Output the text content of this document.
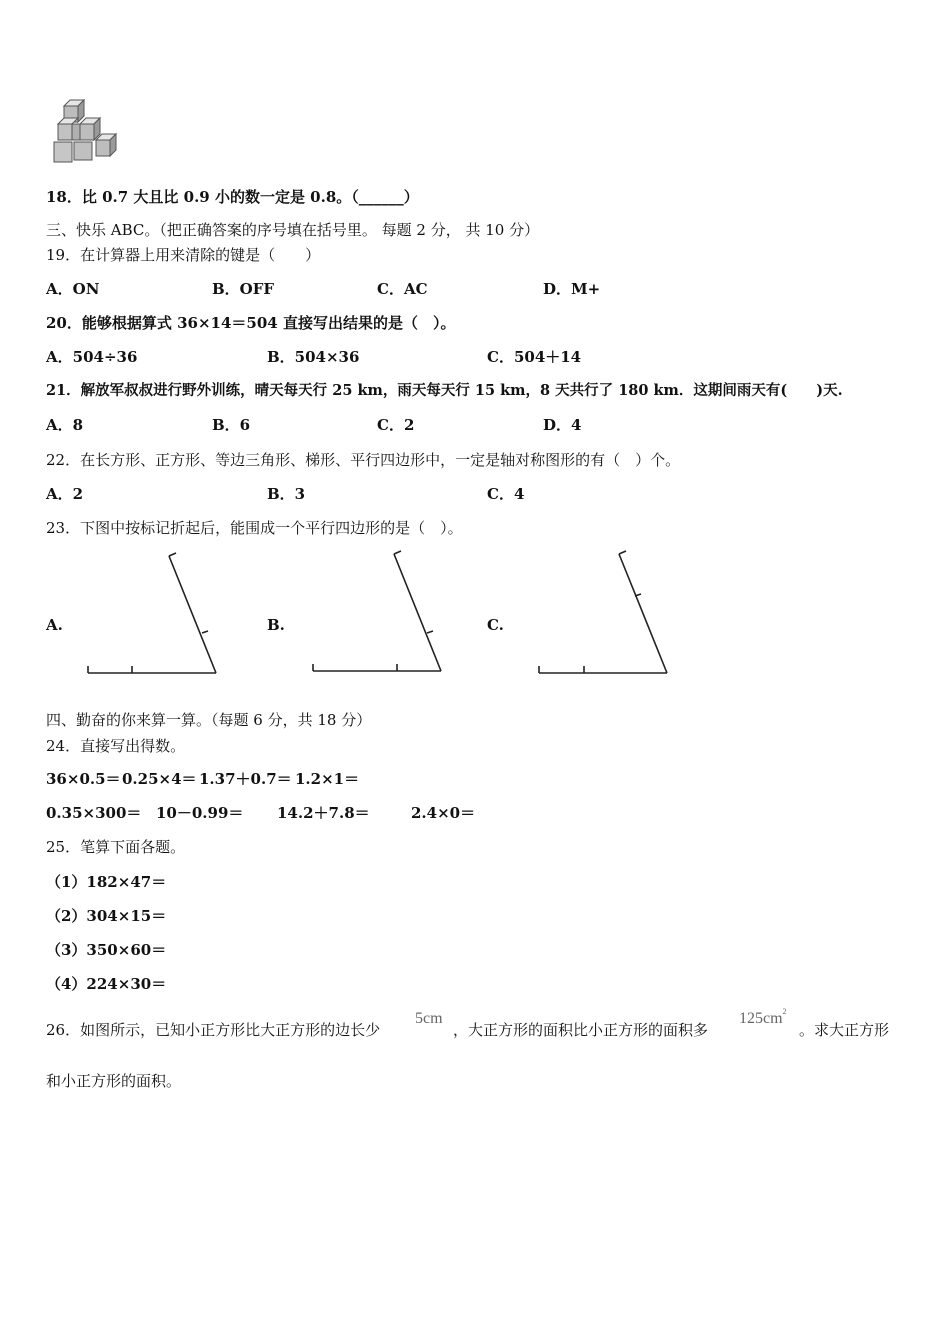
18．比 0.7 大且比 0.9 小的数一定是 0.8。（______）
三、快乐 ABC。（把正确答案的序号填在括号里。 每题 2 分， 共 10 分）
19．在计算器上用来清除的键是（　　）
A．ON	B．OFF	C．AC	D．M+
20．能够根据算式 36×14＝504 直接写出结果的是（　）。
A．504÷36	B．504×36	C．504＋14
21．解放军叔叔进行野外训练，晴天每天行 25 km，雨天每天行 15 km，8 天共行了 180 km．这期间雨天有(　　)天.
A．8	B．6	C．2	D．4
22．在长方形、正方形、等边三角形、梯形、平行四边形中，一定是轴对称图形的有（　）个。
A．2	B．3	C．4
23．下图中按标记折起后，能围成一个平行四边形的是（　）。
A.	B.	C.
四、勤奋的你来算一算。（每题 6 分，共 18 分）
24．直接写出得数。
36×0.5＝ 0.25×4＝ 1.37＋0.7＝ 1.2×1＝
0.35×300＝ 10－0.99＝ 14.2＋7.8＝	2.4×0＝
25．笔算下面各题。
（1）182×47＝
（2）304×15＝
（3）350×60＝
（4）224×30＝
26．如图所示，已知小正方形比大正方形的边长少
5cm
，大正方形的面积比小正方形的面积多
$125cm^2$
。求大正方形
和小正方形的面积。
